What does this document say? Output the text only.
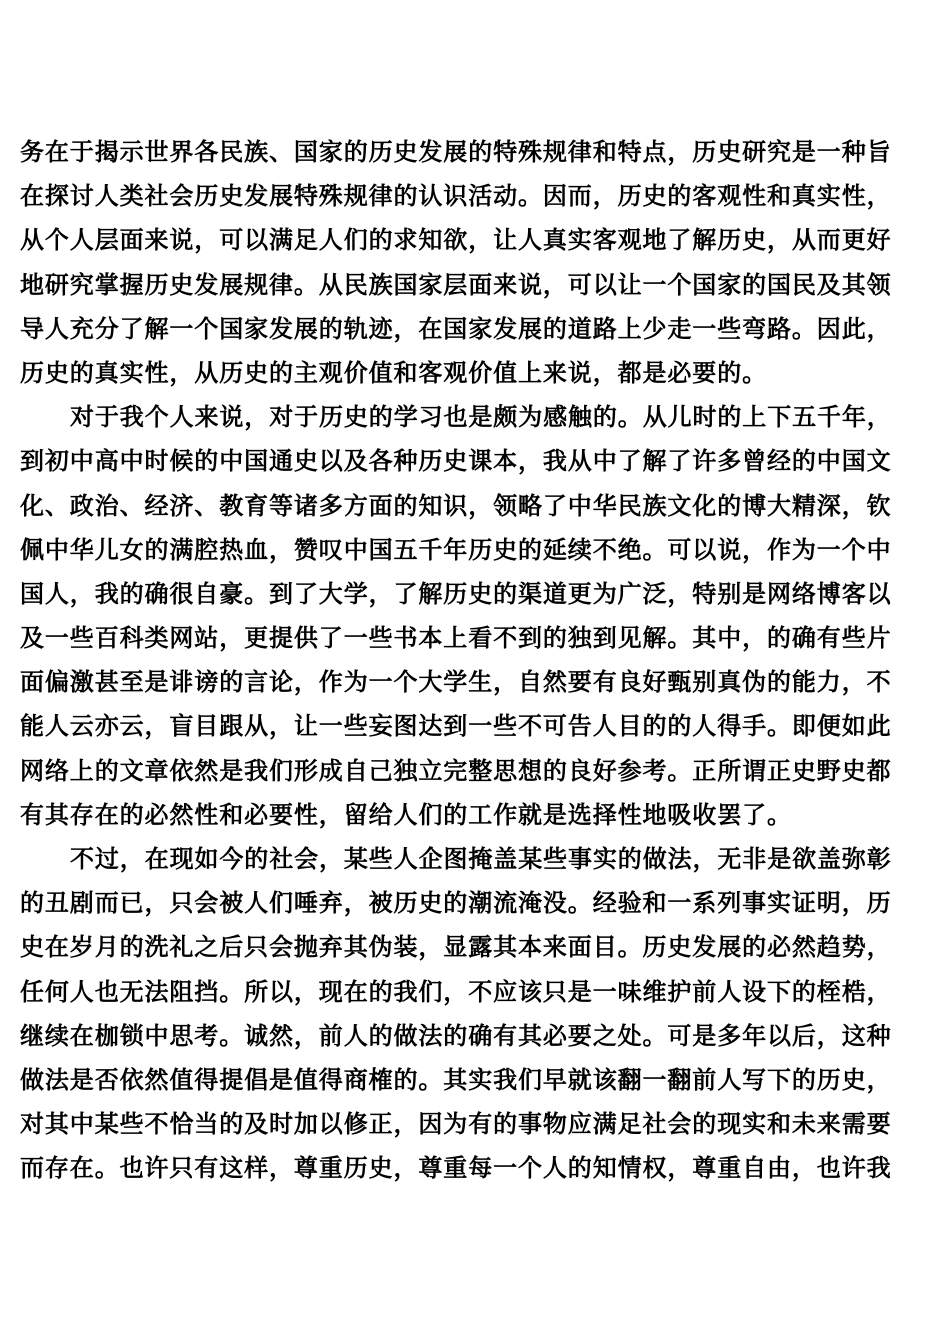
务在于揭示世界各民族、国家的历史发展的特殊规律和特点，历史研究是一种旨
在探讨人类社会历史发展特殊规律的认识活动。因而，历史的客观性和真实性，
从个人层面来说，可以满足人们的求知欲，让人真实客观地了解历史，从而更好
地研究掌握历史发展规律。从民族国家层面来说，可以让一个国家的国民及其领
导人充分了解一个国家发展的轨迹，在国家发展的道路上少走一些弯路。因此，
历史的真实性，从历史的主观价值和客观价值上来说，都是必要的。
对于我个人来说，对于历史的学习也是颇为感触的。从儿时的上下五千年，
到初中高中时候的中国通史以及各种历史课本，我从中了解了许多曾经的中国文
化、政治、经济、教育等诸多方面的知识，领略了中华民族文化的博大精深，钦
佩中华儿女的满腔热血，赞叹中国五千年历史的延续不绝。可以说，作为一个中
国人，我的确很自豪。到了大学，了解历史的渠道更为广泛，特别是网络博客以
及一些百科类网站，更提供了一些书本上看不到的独到见解。其中，的确有些片
面偏激甚至是诽谤的言论，作为一个大学生，自然要有良好甄别真伪的能力，不
能人云亦云，盲目跟从，让一些妄图达到一些不可告人目的的人得手。即便如此
网络上的文章依然是我们形成自己独立完整思想的良好参考。正所谓正史野史都
有其存在的必然性和必要性，留给人们的工作就是选择性地吸收罢了。
不过，在现如今的社会，某些人企图掩盖某些事实的做法，无非是欲盖弥彰
的丑剧而已，只会被人们唾弃，被历史的潮流淹没。经验和一系列事实证明，历
史在岁月的洗礼之后只会抛弃其伪装，显露其本来面目。历史发展的必然趋势，
任何人也无法阻挡。所以，现在的我们，不应该只是一味维护前人设下的桎梏，
继续在枷锁中思考。诚然，前人的做法的确有其必要之处。可是多年以后，这种
做法是否依然值得提倡是值得商榷的。其实我们早就该翻一翻前人写下的历史，
对其中某些不恰当的及时加以修正，因为有的事物应满足社会的现实和未来需要
而存在。也许只有这样，尊重历史，尊重每一个人的知情权，尊重自由，也许我
